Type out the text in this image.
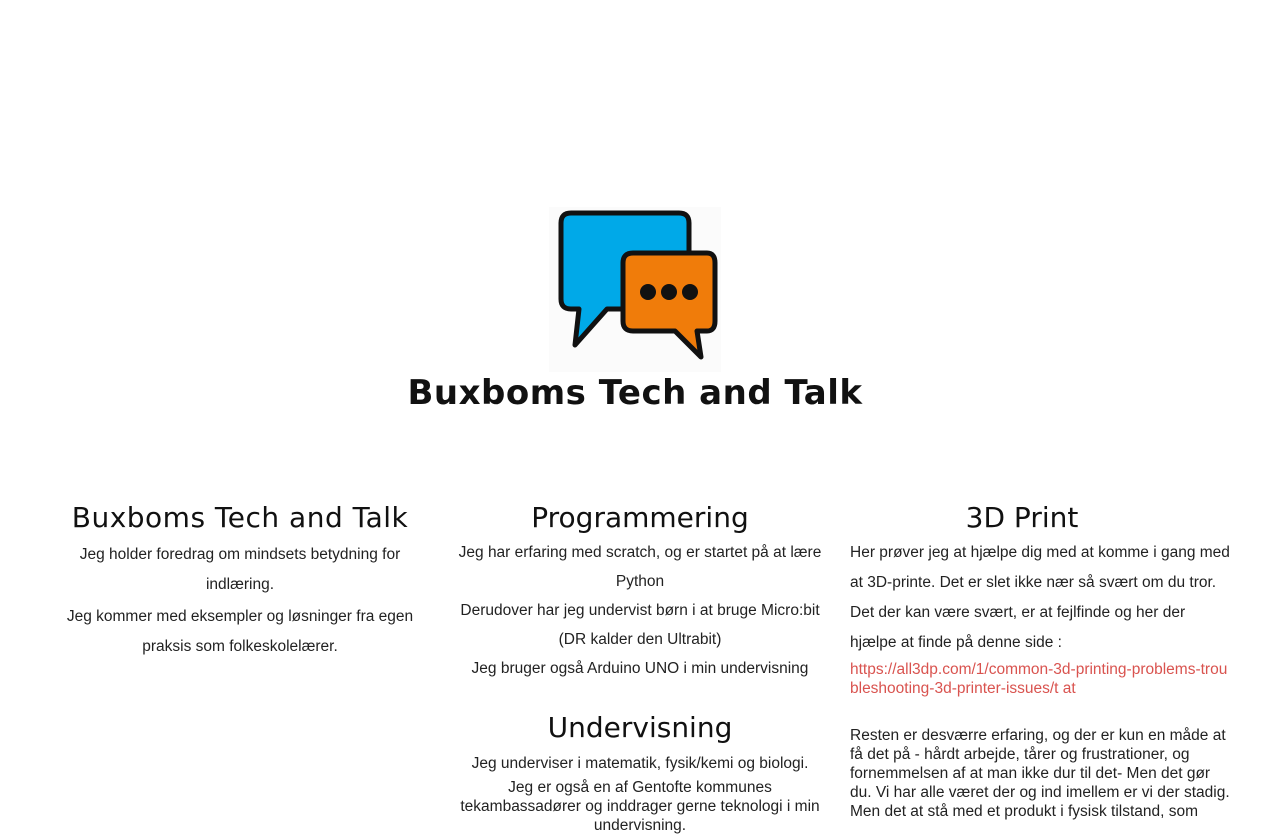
Buxboms Tech and Talk
Buxboms Tech and Talk

Jeg holder foredrag om mindsets betydning for indlæring.

Jeg kommer med eksempler og løsninger fra egen praksis som folkeskolelærer.

Programmering

Jeg har erfaring med scratch, og er startet på at lære Python

Derudover har jeg undervist børn i at bruge Micro:bit (DR kalder den Ultrabit)

Jeg bruger også Arduino UNO i min undervisning

Undervisning

Jeg underviser i matematik, fysik/kemi og biologi.

Jeg er også en af Gentofte kommunes tekambassadører og inddrager gerne teknologi i min undervisning.

3D Print

Her prøver jeg at hjælpe dig med at komme i gang med at 3D-printe. Det er slet ikke nær så svært om du tror. Det der kan være svært, er at fejlfinde og her der hjælpe at finde på denne side :

https://all3dp.com/1/common-3d-printing-problems-troubleshooting-3d-printer-issues/t at

Resten er desværre erfaring, og der er kun en måde at få det på - hårdt arbejde, tårer og frustrationer, og fornemmelsen af at man ikke dur til det- Men det gør du. Vi har alle været der og ind imellem er vi der stadig. Men det at stå med et produkt i fysisk tilstand, som
